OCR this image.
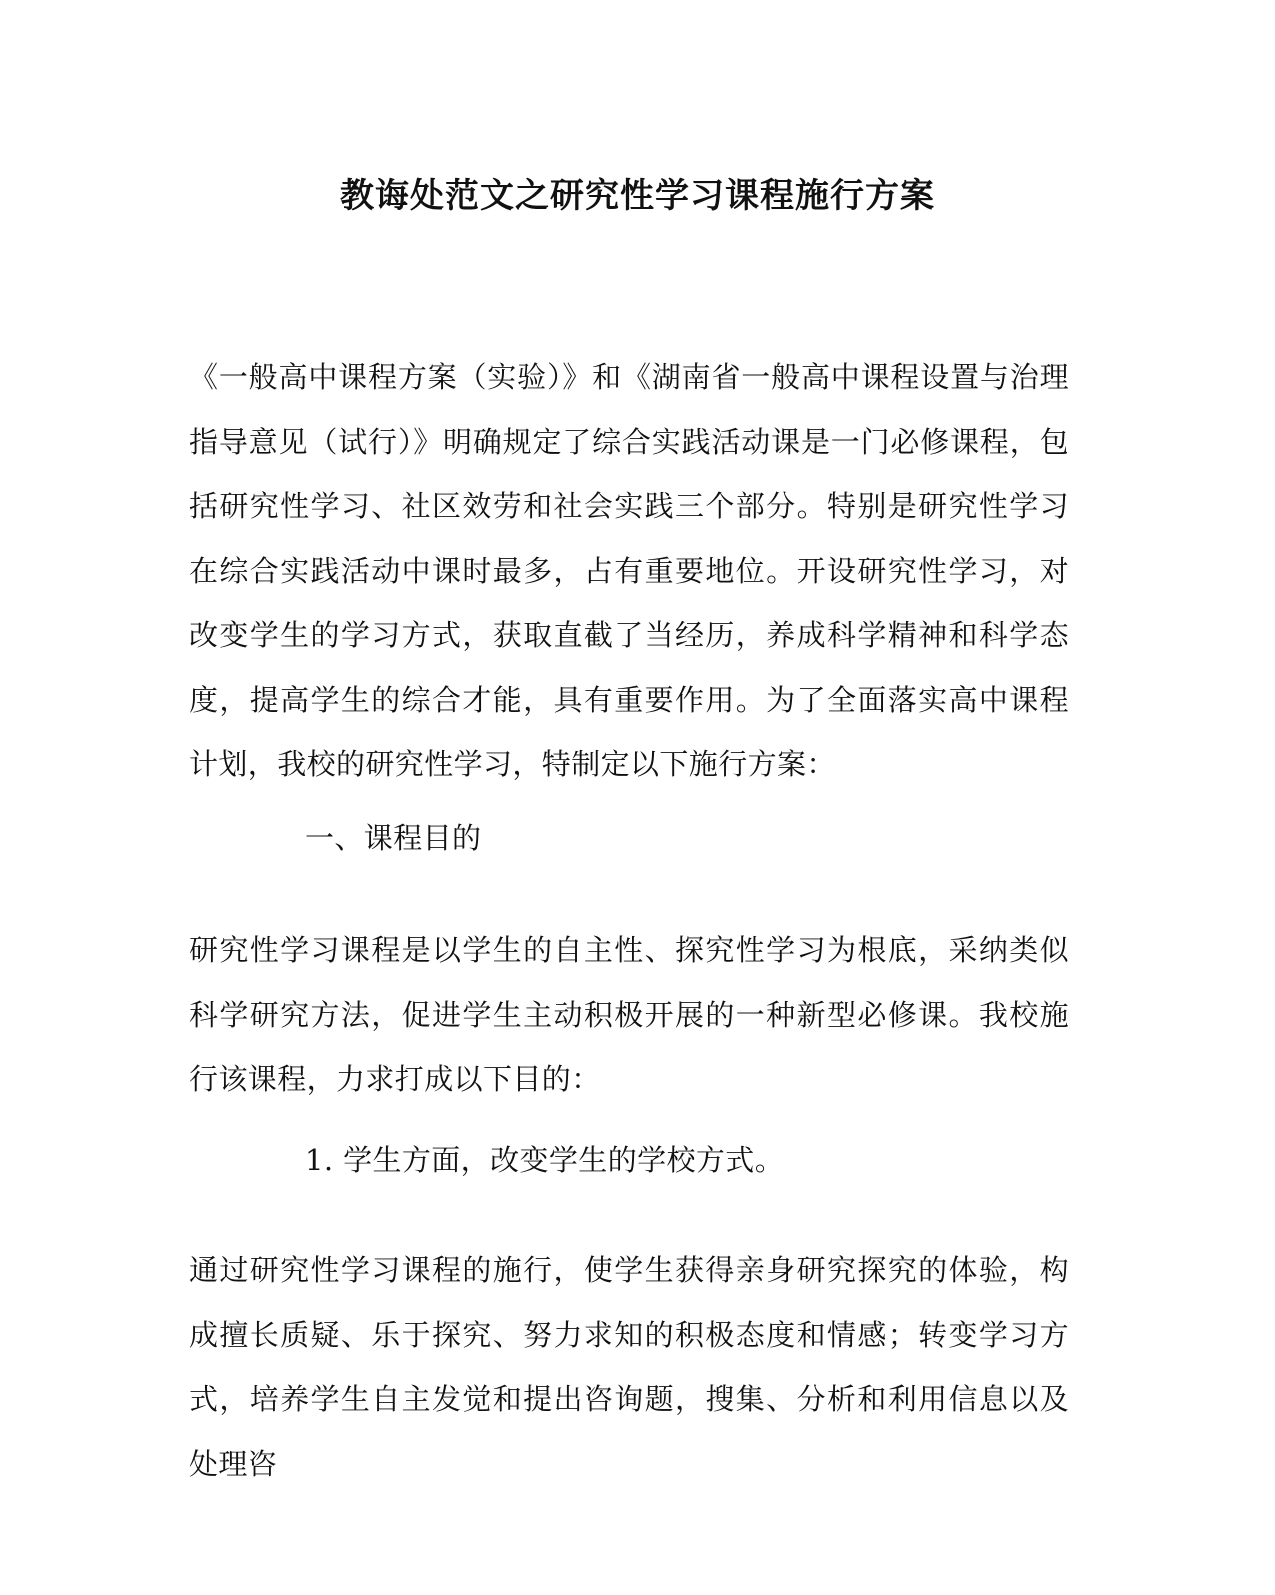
教诲处范文之研究性学习课程施行方案

《一般高中课程方案（实验）》和《湖南省一般高中课程设置与治理指导意见（试行）》明确规定了综合实践活动课是一门必修课程，包括研究性学习、社区效劳和社会实践三个部分。特别是研究性学习在综合实践活动中课时最多，占有重要地位。开设研究性学习，对改变学生的学习方式，获取直截了当经历，养成科学精神和科学态度，提高学生的综合才能，具有重要作用。为了全面落实高中课程计划，我校的研究性学习，特制定以下施行方案：

一、课程目的

研究性学习课程是以学生的自主性、探究性学习为根底，采纳类似科学研究方法，促进学生主动积极开展的一种新型必修课。我校施行该课程，力求打成以下目的：

1. 学生方面，改变学生的学校方式。

通过研究性学习课程的施行，使学生获得亲身研究探究的体验，构成擅长质疑、乐于探究、努力求知的积极态度和情感；转变学习方式，培养学生自主发觉和提出咨询题，搜集、分析和利用信息以及处理咨
